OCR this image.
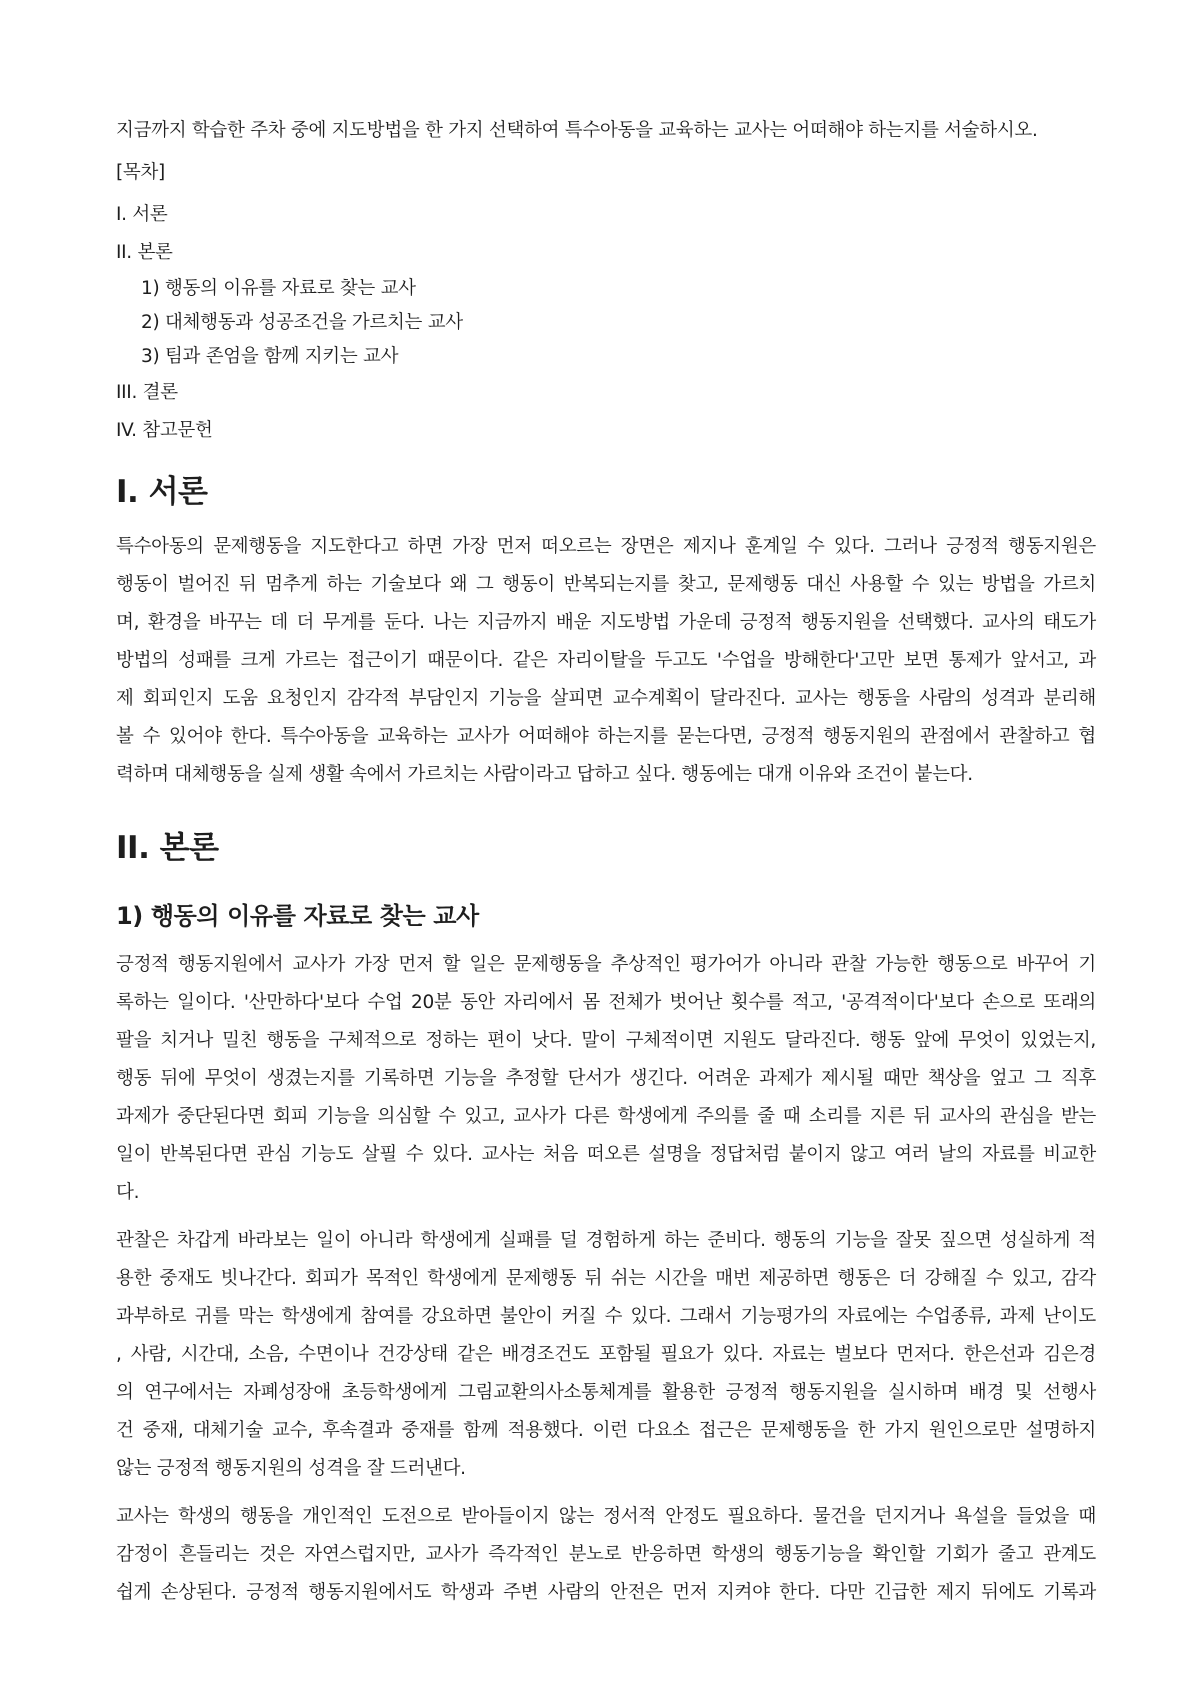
지금까지 학습한 주차 중에 지도방법을 한 가지 선택하여 특수아동을 교육하는 교사는 어떠해야 하는지를 서술하시오.

[목차]
I. 서론
II. 본론
1) 행동의 이유를 자료로 찾는 교사
2) 대체행동과 성공조건을 가르치는 교사
3) 팀과 존엄을 함께 지키는 교사
III. 결론
IV. 참고문헌
I. 서론
특수아동의 문제행동을 지도한다고 하면 가장 먼저 떠오르는 장면은 제지나 훈계일 수 있다. 그러나 긍정적 행동지원은
행동이 벌어진 뒤 멈추게 하는 기술보다 왜 그 행동이 반복되는지를 찾고, 문제행동 대신 사용할 수 있는 방법을 가르치
며, 환경을 바꾸는 데 더 무게를 둔다. 나는 지금까지 배운 지도방법 가운데 긍정적 행동지원을 선택했다. 교사의 태도가
방법의 성패를 크게 가르는 접근이기 때문이다. 같은 자리이탈을 두고도 '수업을 방해한다'고만 보면 통제가 앞서고, 과
제 회피인지 도움 요청인지 감각적 부담인지 기능을 살피면 교수계획이 달라진다. 교사는 행동을 사람의 성격과 분리해
볼 수 있어야 한다. 특수아동을 교육하는 교사가 어떠해야 하는지를 묻는다면, 긍정적 행동지원의 관점에서 관찰하고 협
력하며 대체행동을 실제 생활 속에서 가르치는 사람이라고 답하고 싶다. 행동에는 대개 이유와 조건이 붙는다.
II. 본론
1) 행동의 이유를 자료로 찾는 교사
긍정적 행동지원에서 교사가 가장 먼저 할 일은 문제행동을 추상적인 평가어가 아니라 관찰 가능한 행동으로 바꾸어 기
록하는 일이다. '산만하다'보다 수업 20분 동안 자리에서 몸 전체가 벗어난 횟수를 적고, '공격적이다'보다 손으로 또래의
팔을 치거나 밀친 행동을 구체적으로 정하는 편이 낫다. 말이 구체적이면 지원도 달라진다. 행동 앞에 무엇이 있었는지,
행동 뒤에 무엇이 생겼는지를 기록하면 기능을 추정할 단서가 생긴다. 어려운 과제가 제시될 때만 책상을 엎고 그 직후
과제가 중단된다면 회피 기능을 의심할 수 있고, 교사가 다른 학생에게 주의를 줄 때 소리를 지른 뒤 교사의 관심을 받는
일이 반복된다면 관심 기능도 살필 수 있다. 교사는 처음 떠오른 설명을 정답처럼 붙이지 않고 여러 날의 자료를 비교한
다.
관찰은 차갑게 바라보는 일이 아니라 학생에게 실패를 덜 경험하게 하는 준비다. 행동의 기능을 잘못 짚으면 성실하게 적
용한 중재도 빗나간다. 회피가 목적인 학생에게 문제행동 뒤 쉬는 시간을 매번 제공하면 행동은 더 강해질 수 있고, 감각
과부하로 귀를 막는 학생에게 참여를 강요하면 불안이 커질 수 있다. 그래서 기능평가의 자료에는 수업종류, 과제 난이도
, 사람, 시간대, 소음, 수면이나 건강상태 같은 배경조건도 포함될 필요가 있다. 자료는 벌보다 먼저다. 한은선과 김은경
의 연구에서는 자폐성장애 초등학생에게 그림교환의사소통체계를 활용한 긍정적 행동지원을 실시하며 배경 및 선행사
건 중재, 대체기술 교수, 후속결과 중재를 함께 적용했다. 이런 다요소 접근은 문제행동을 한 가지 원인으로만 설명하지
않는 긍정적 행동지원의 성격을 잘 드러낸다.
교사는 학생의 행동을 개인적인 도전으로 받아들이지 않는 정서적 안정도 필요하다. 물건을 던지거나 욕설을 들었을 때
감정이 흔들리는 것은 자연스럽지만, 교사가 즉각적인 분노로 반응하면 학생의 행동기능을 확인할 기회가 줄고 관계도
쉽게 손상된다. 긍정적 행동지원에서도 학생과 주변 사람의 안전은 먼저 지켜야 한다. 다만 긴급한 제지 뒤에도 기록과
